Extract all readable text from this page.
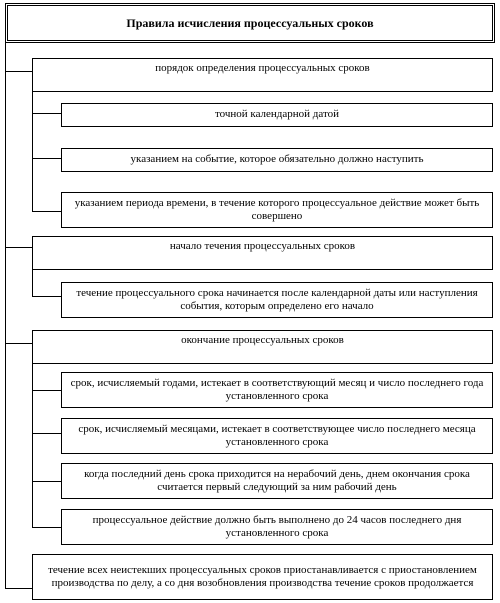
Правила исчисления процессуальных сроков
порядок определения процессуальных сроков
точной календарной датой
указанием на событие, которое обязательно должно наступить
указанием периода времени, в течение которого процессуальное действие может быть совершено
начало течения процессуальных сроков
течение процессуального срока начинается после календарной даты или наступления события, которым определено его начало
окончание процессуальных сроков
срок, исчисляемый годами, истекает в соответствующий месяц и число последнего года установленного срока
срок, исчисляемый месяцами, истекает в соответствующее число последнего месяца установленного срока
когда последний день срока приходится на нерабочий день, днем окончания срока считается первый следующий за ним рабочий день
процессуальное действие должно быть выполнено до 24 часов последнего дня установленного срока
течение всех неистекших процессуальных сроков приостанавливается с приостановлением производства по делу, а со дня возобновления производства течение сроков продолжается
